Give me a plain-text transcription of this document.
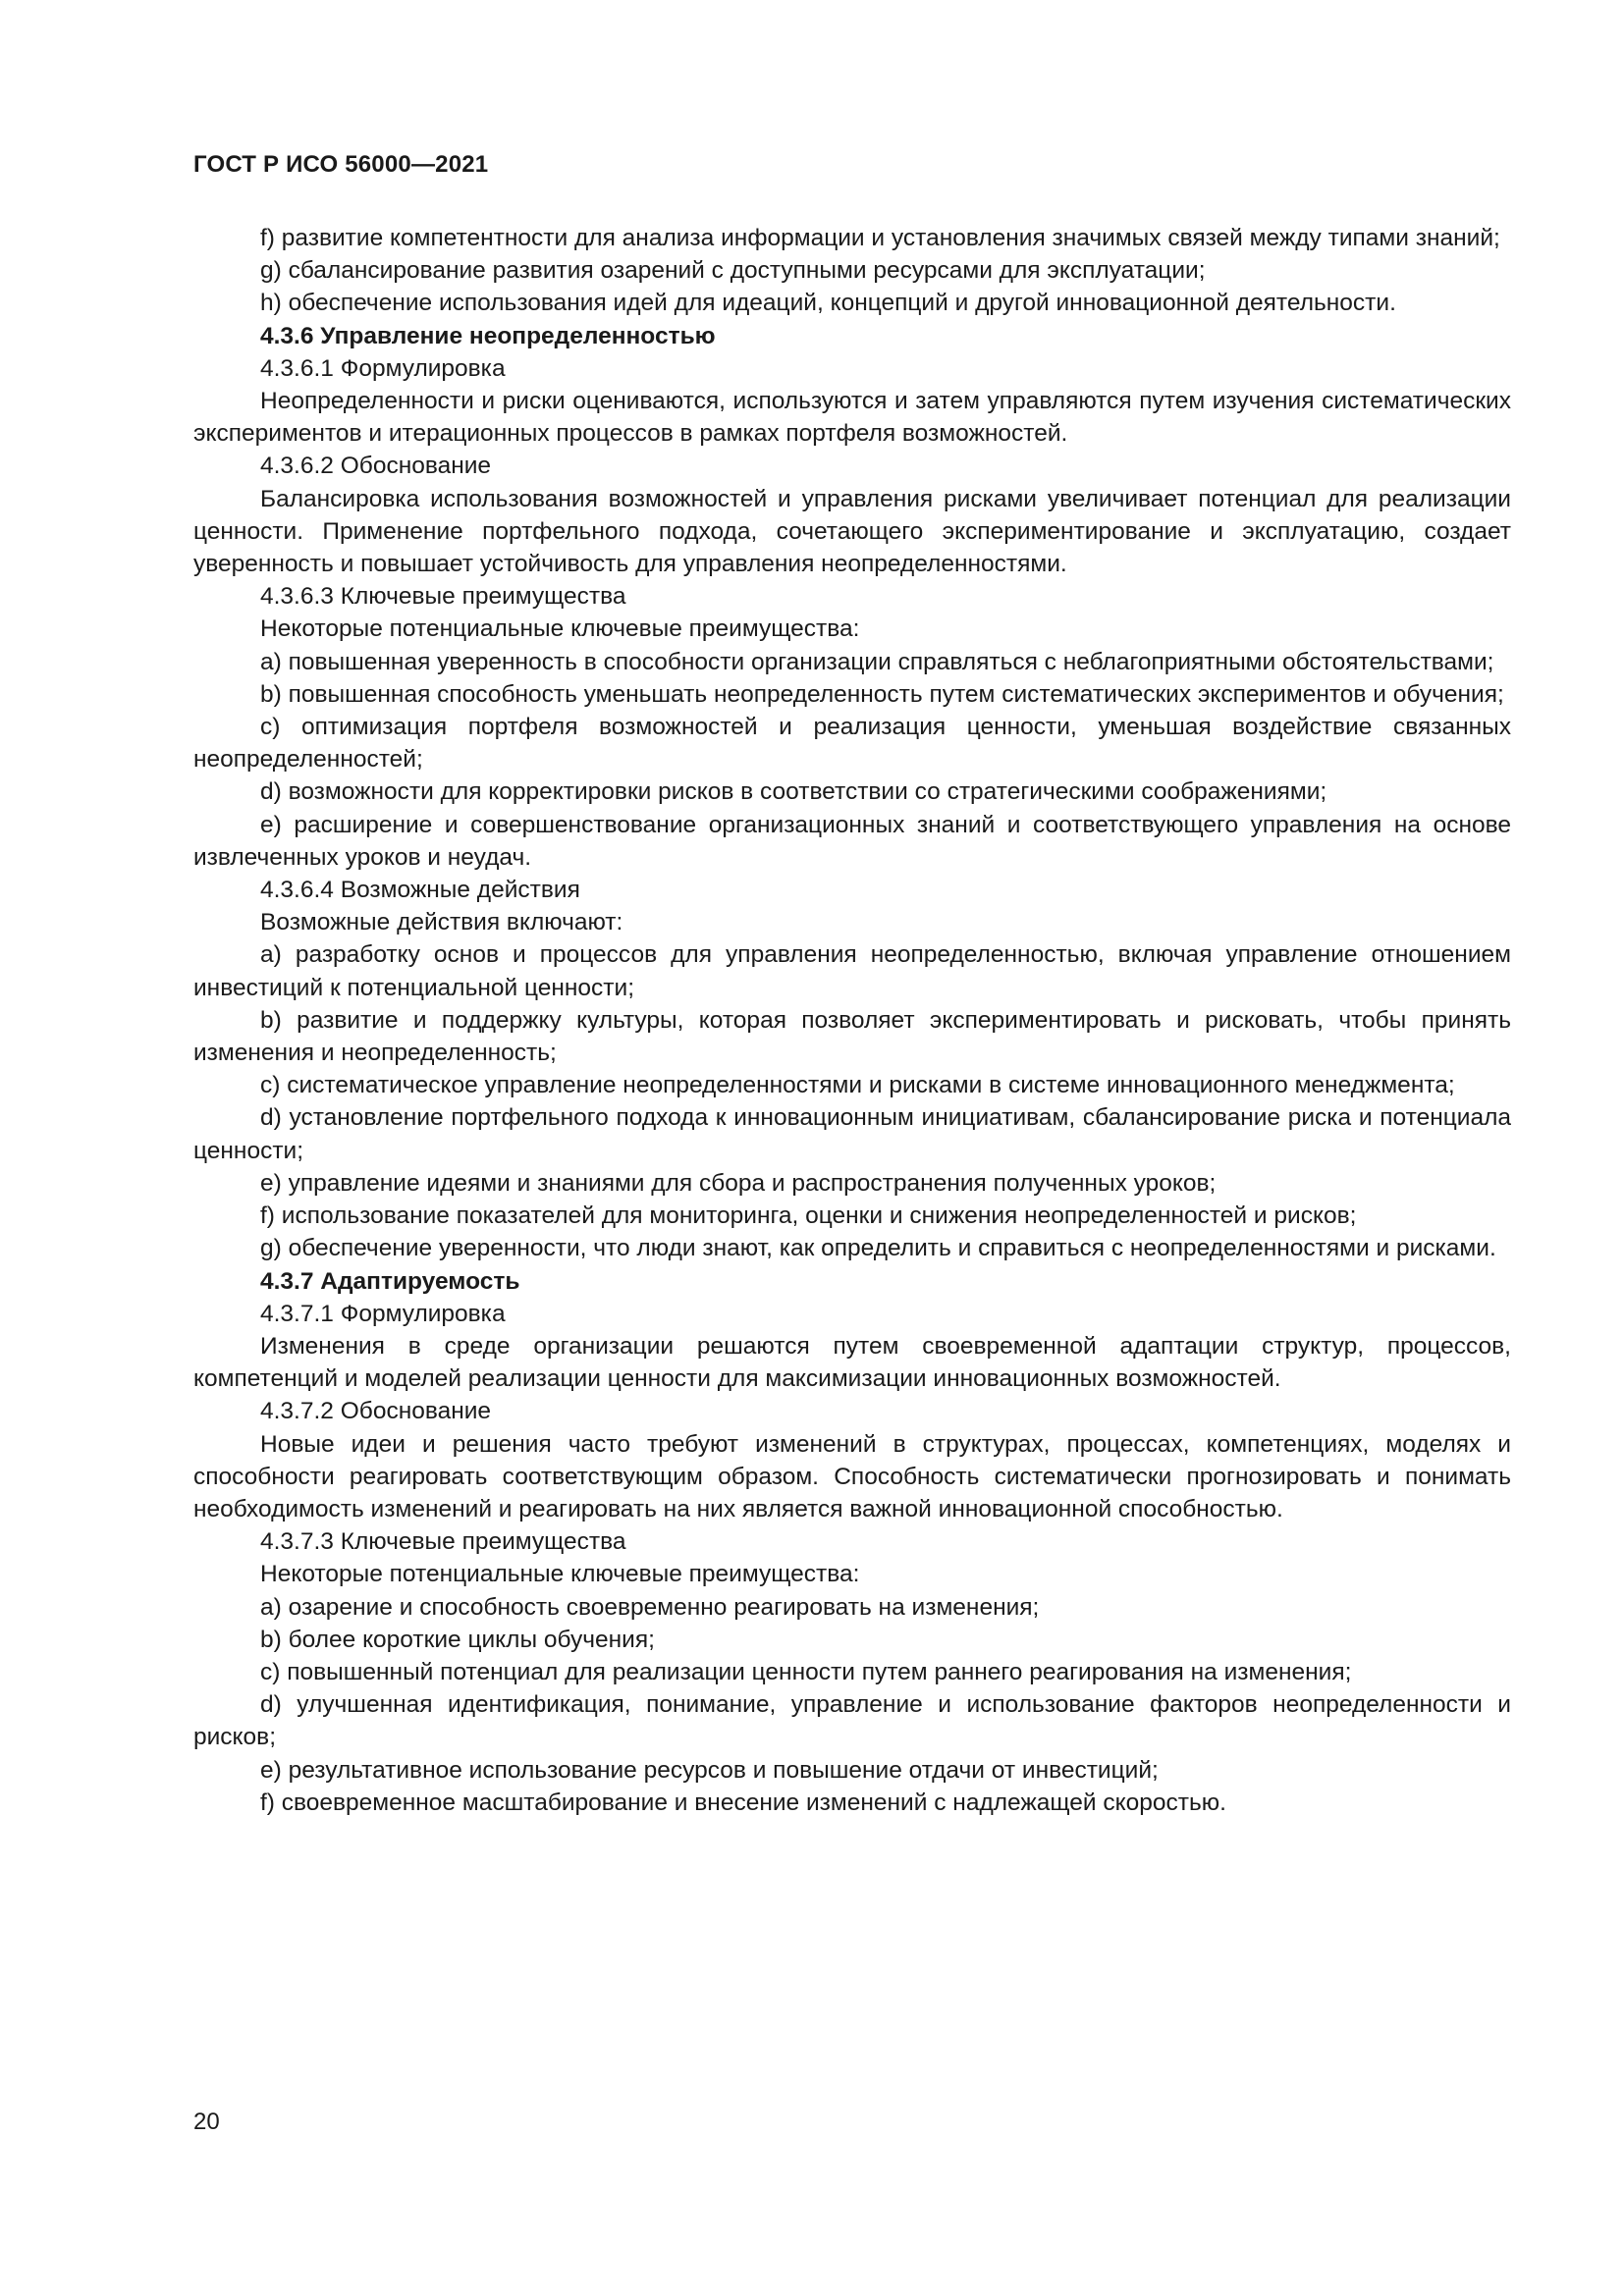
ГОСТ Р ИСО 56000—2021

f) развитие компетентности для анализа информации и установления значимых связей между типами знаний;

g) сбалансирование развития озарений с доступными ресурсами для эксплуатации;

h) обеспечение использования идей для идеаций, концепций и другой инновационной деятельности.

4.3.6 Управление неопределенностью

4.3.6.1 Формулировка

Неопределенности и риски оцениваются, используются и затем управляются путем изучения систематических экспериментов и итерационных процессов в рамках портфеля возможностей.

4.3.6.2 Обоснование

Балансировка использования возможностей и управления рисками увеличивает потенциал для реализации ценности. Применение портфельного подхода, сочетающего экспериментирование и эксплуатацию, создает уверенность и повышает устойчивость для управления неопределенностями.

4.3.6.3 Ключевые преимущества

Некоторые потенциальные ключевые преимущества:

a) повышенная уверенность в способности организации справляться с неблагоприятными обстоятельствами;

b) повышенная способность уменьшать неопределенность путем систематических экспериментов и обучения;

c) оптимизация портфеля возможностей и реализация ценности, уменьшая воздействие связанных неопределенностей;

d) возможности для корректировки рисков в соответствии со стратегическими соображениями;

e) расширение и совершенствование организационных знаний и соответствующего управления на основе извлеченных уроков и неудач.

4.3.6.4 Возможные действия

Возможные действия включают:

a) разработку основ и процессов для управления неопределенностью, включая управление отношением инвестиций к потенциальной ценности;

b) развитие и поддержку культуры, которая позволяет экспериментировать и рисковать, чтобы принять изменения и неопределенность;

c) систематическое управление неопределенностями и рисками в системе инновационного менеджмента;

d) установление портфельного подхода к инновационным инициативам, сбалансирование риска и потенциала ценности;

e) управление идеями и знаниями для сбора и распространения полученных уроков;

f) использование показателей для мониторинга, оценки и снижения неопределенностей и рисков;

g) обеспечение уверенности, что люди знают, как определить и справиться с неопределенностями и рисками.

4.3.7 Адаптируемость

4.3.7.1 Формулировка

Изменения в среде организации решаются путем своевременной адаптации структур, процессов, компетенций и моделей реализации ценности для максимизации инновационных возможностей.

4.3.7.2 Обоснование

Новые идеи и решения часто требуют изменений в структурах, процессах, компетенциях, моделях и способности реагировать соответствующим образом. Способность систематически прогнозировать и понимать необходимость изменений и реагировать на них является важной инновационной способностью.

4.3.7.3 Ключевые преимущества

Некоторые потенциальные ключевые преимущества:

a) озарение и способность своевременно реагировать на изменения;

b) более короткие циклы обучения;

c) повышенный потенциал для реализации ценности путем раннего реагирования на изменения;

d) улучшенная идентификация, понимание, управление и использование факторов неопределенности и рисков;

e) результативное использование ресурсов и повышение отдачи от инвестиций;

f) своевременное масштабирование и внесение изменений с надлежащей скоростью.

20
